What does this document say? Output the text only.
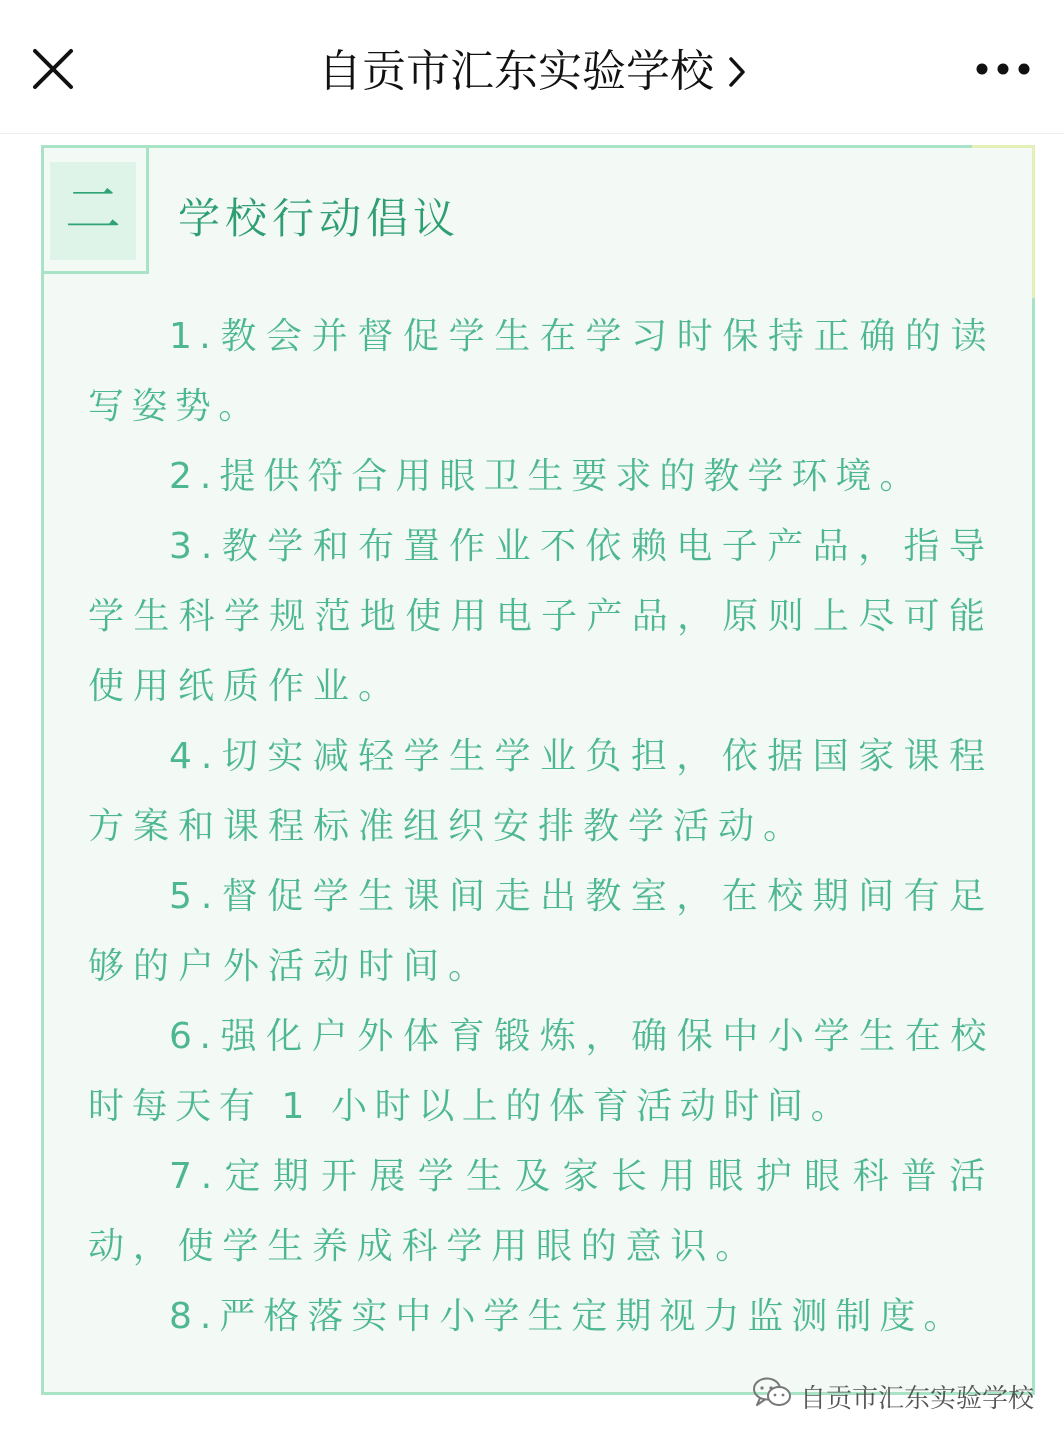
自贡市汇东实验学校
二	学校行动倡议

1.教会并督促学生在学习时保持正确的读写姿势。

2.提供符合用眼卫生要求的教学环境。

3.教学和布置作业不依赖电子产品，指导学生科学规范地使用电子产品，原则上尽可能使用纸质作业。

4.切实减轻学生学业负担，依据国家课程方案和课程标准组织安排教学活动。

5.督促学生课间走出教室，在校期间有足够的户外活动时间。

6.强化户外体育锻炼，确保中小学生在校时每天有 1 小时以上的体育活动时间。

7.定期开展学生及家长用眼护眼科普活动，使学生养成科学用眼的意识。

8.严格落实中小学生定期视力监测制度。

自贡市汇东实验学校
